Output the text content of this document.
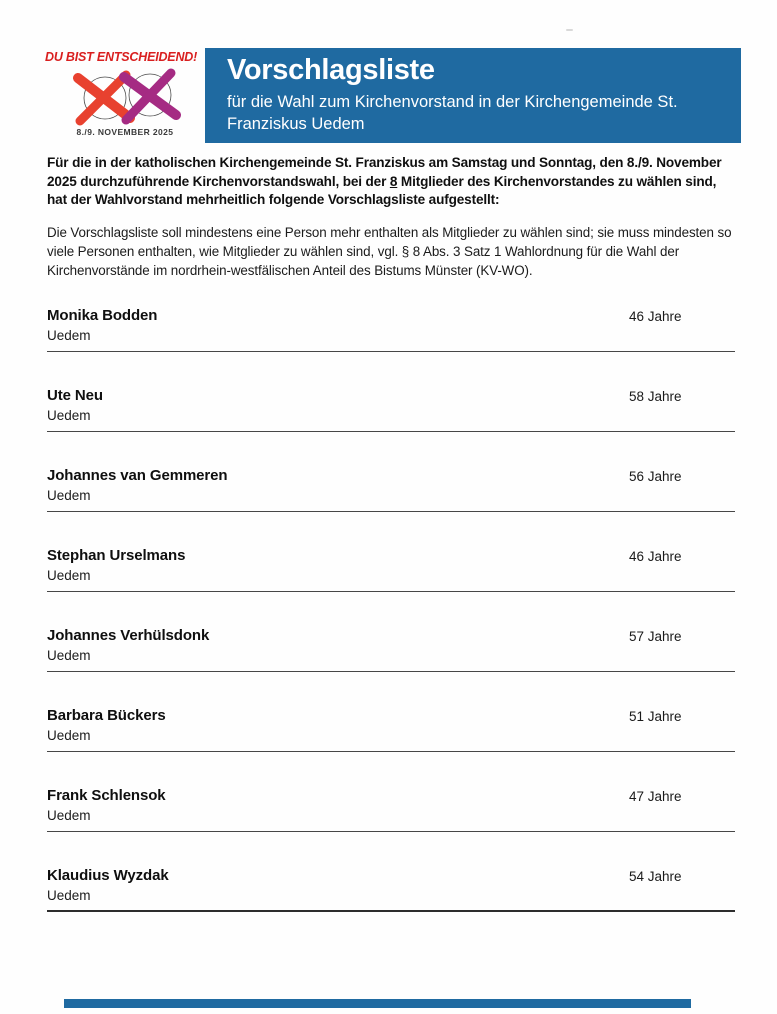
DU BIST ENTSCHEIDEND!
8./9. NOVEMBER 2025
Vorschlagsliste
für die Wahl zum Kirchenvorstand in der Kirchengemeinde St. Franziskus Uedem

Für die in der katholischen Kirchengemeinde St. Franziskus am Samstag und Sonntag, den 8./9. November 2025 durchzuführende Kirchenvorstandswahl, bei der 8 Mitglieder des Kirchenvorstandes zu wählen sind, hat der Wahlvorstand mehrheitlich folgende Vorschlagsliste aufgestellt:

Die Vorschlagsliste soll mindestens eine Person mehr enthalten als Mitglieder zu wählen sind; sie muss mindesten so viele Personen enthalten, wie Mitglieder zu wählen sind, vgl. § 8 Abs. 3 Satz 1 Wahlordnung für die Wahl der Kirchenvorstände im nordrhein-westfälischen Anteil des Bistums Münster (KV-WO).

Monika Bodden	46 Jahre
Uedem
Ute Neu	58 Jahre
Uedem
Johannes van Gemmeren	56 Jahre
Uedem
Stephan Urselmans	46 Jahre
Uedem
Johannes Verhülsdonk	57 Jahre
Uedem
Barbara Bückers	51 Jahre
Uedem
Frank Schlensok	47 Jahre
Uedem
Klaudius Wyzdak	54 Jahre
Uedem
